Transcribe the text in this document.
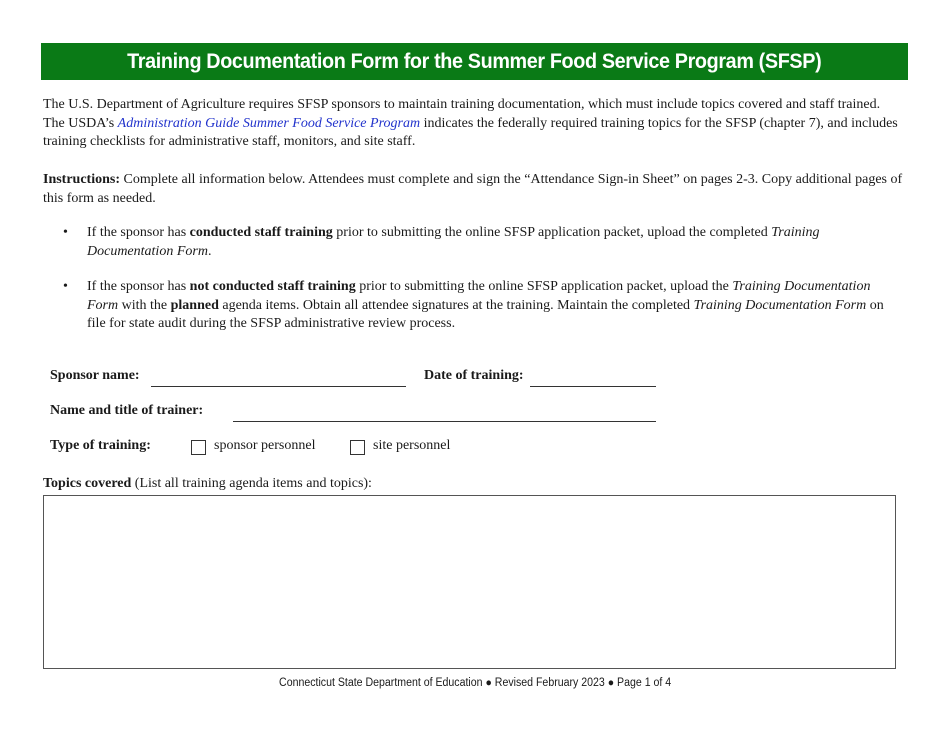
Training Documentation Form for the Summer Food Service Program (SFSP)

The U.S. Department of Agriculture requires SFSP sponsors to maintain training documentation, which must include topics covered and staff trained. The USDA’s Administration Guide Summer Food Service Program indicates the federally required training topics for the SFSP (chapter 7), and includes training checklists for administrative staff, monitors, and site staff.

Instructions: Complete all information below. Attendees must complete and sign the “Attendance Sign-in Sheet” on pages 2-3. Copy additional pages of this form as needed.

• If the sponsor has conducted staff training prior to submitting the online SFSP application packet, upload the completed Training Documentation Form.
• If the sponsor has not conducted staff training prior to submitting the online SFSP application packet, upload the Training Documentation Form with the planned agenda items. Obtain all attendee signatures at the training. Maintain the completed Training Documentation Form on file for state audit during the SFSP administrative review process.
Sponsor name:	Date of training:
Name and title of trainer:
Type of training:	sponsor personnel	site personnel
Topics covered (List all training agenda items and topics):
Connecticut State Department of Education ● Revised February 2023 ● Page 1 of 4
